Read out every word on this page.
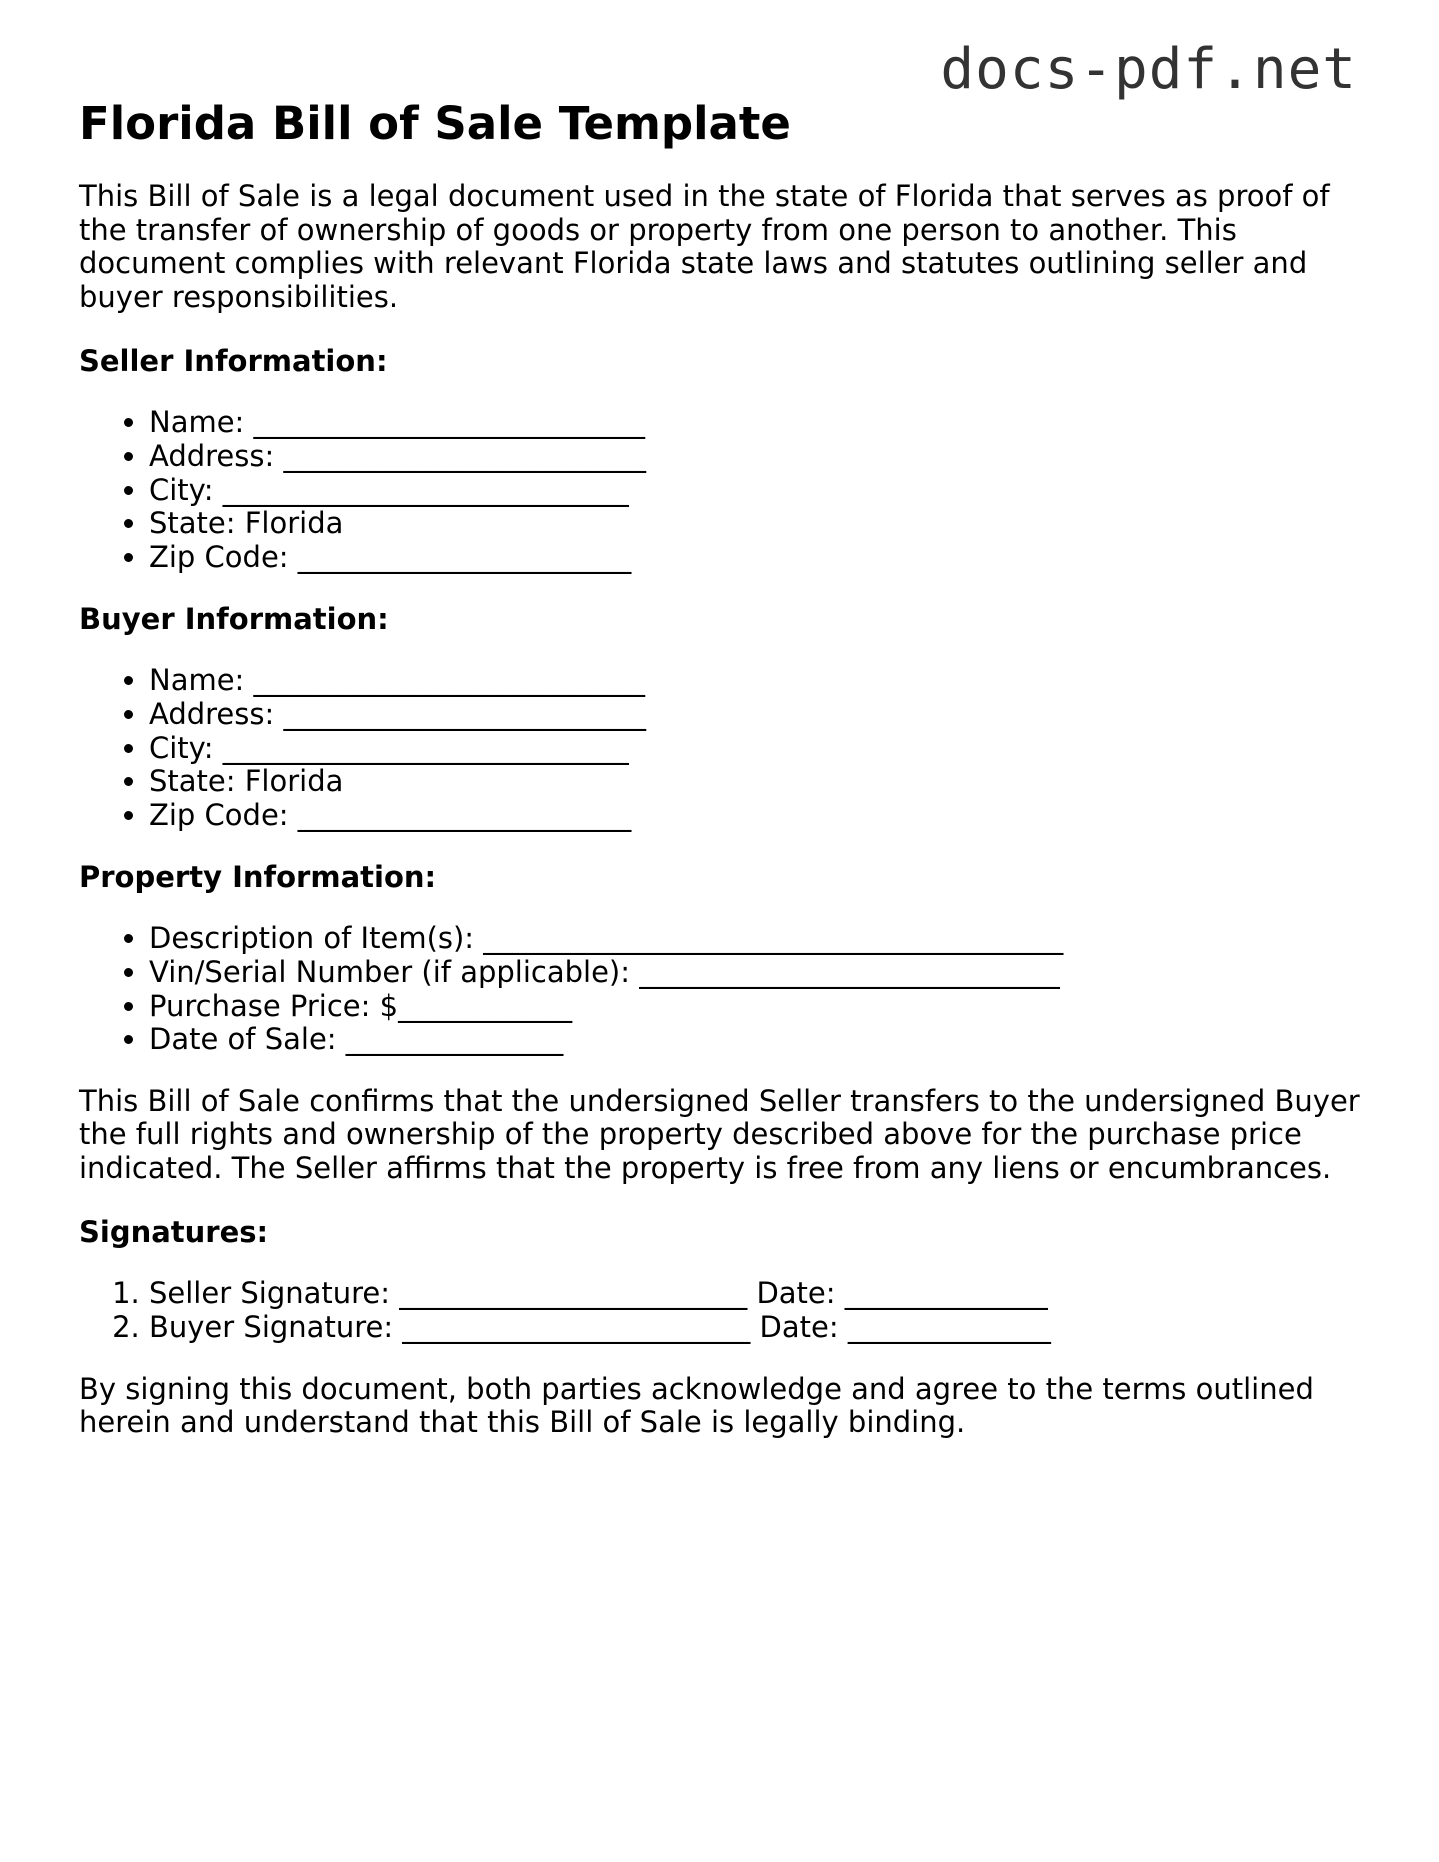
docs-pdf.net
Florida Bill of Sale Template

This Bill of Sale is a legal document used in the state of Florida that serves as proof of the transfer of ownership of goods or property from one person to another. This document complies with relevant Florida state laws and statutes outlining seller and buyer responsibilities.

Seller Information:
• Name: ___________________________
• Address: _________________________
• City: ____________________________
• State: Florida
• Zip Code: _______________________
Buyer Information:
• Name: ___________________________
• Address: _________________________
• City: ____________________________
• State: Florida
• Zip Code: _______________________
Property Information:
• Description of Item(s): ________________________________________
• Vin/Serial Number (if applicable): _____________________________
• Purchase Price: $____________
• Date of Sale: _______________

This Bill of Sale confirms that the undersigned Seller transfers to the undersigned Buyer the full rights and ownership of the property described above for the purchase price indicated. The Seller affirms that the property is free from any liens or encumbrances.

Signatures:
1. Seller Signature: ________________________ Date: ______________
2. Buyer Signature: ________________________ Date: ______________

By signing this document, both parties acknowledge and agree to the terms outlined herein and understand that this Bill of Sale is legally binding.
